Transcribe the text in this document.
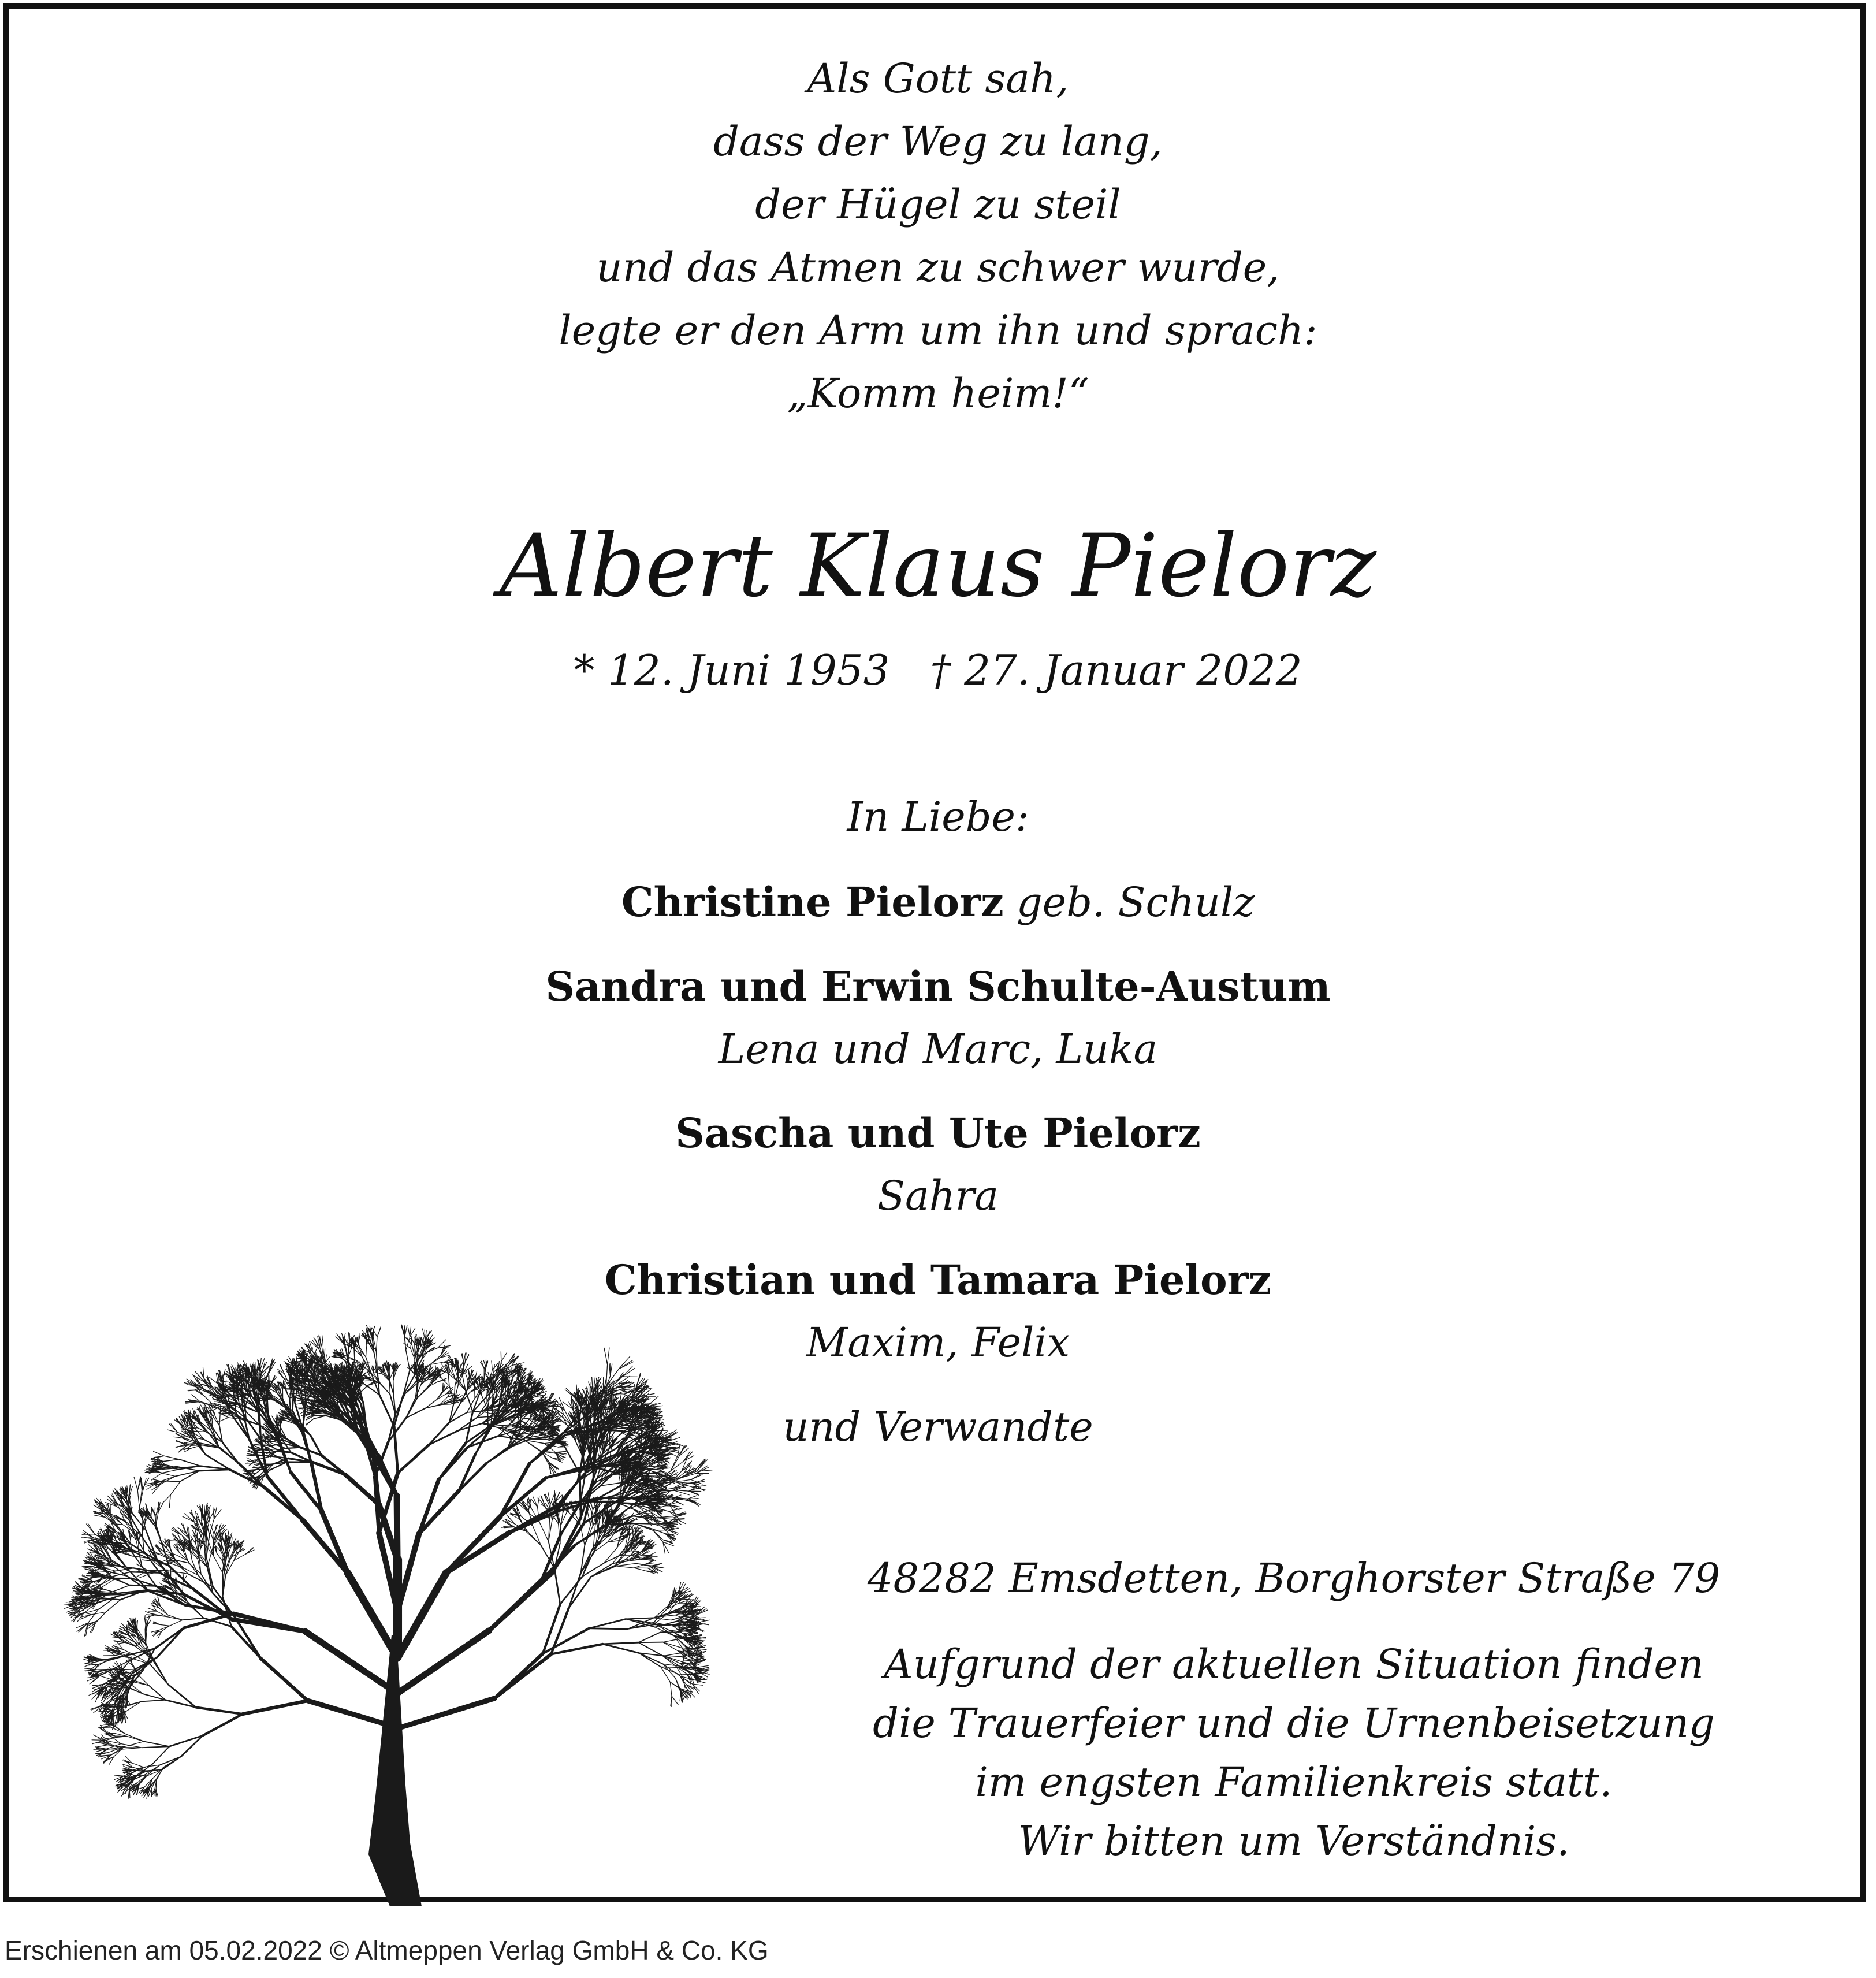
Als Gott sah,
dass der Weg zu lang,
der Hügel zu steil
und das Atmen zu schwer wurde,
legte er den Arm um ihn und sprach:
„Komm heim!“
Albert Klaus Pielorz
* 12. Juni 1953 † 27. Januar 2022
In Liebe:
Christine Pielorz geb. Schulz
Sandra und Erwin Schulte-Austum
Lena und Marc, Luka
Sascha und Ute Pielorz
Sahra
Christian und Tamara Pielorz
Maxim, Felix
und Verwandte
48282 Emsdetten, Borghorster Straße 79
Aufgrund der aktuellen Situation finden
die Trauerfeier und die Urnenbeisetzung
im engsten Familienkreis statt.
Wir bitten um Verständnis.
Erschienen am 05.02.2022 © Altmeppen Verlag GmbH & Co. KG
